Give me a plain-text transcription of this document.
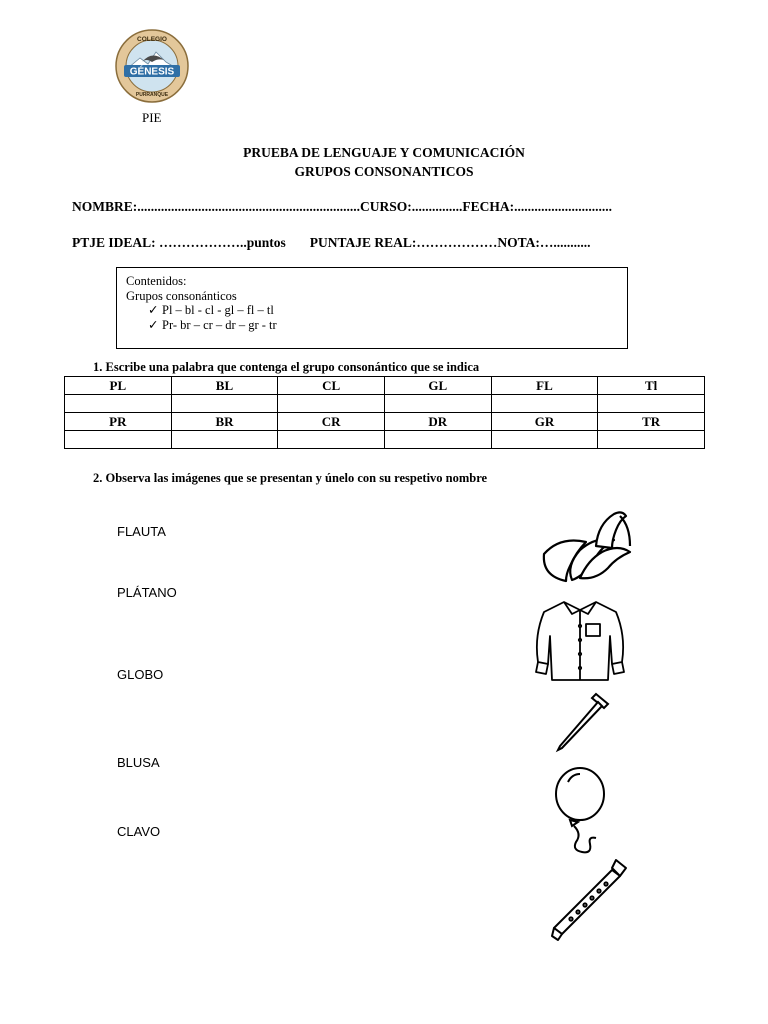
GÉNESIS
COLEGIO
PURRANQUE
PIE
PRUEBA DE LENGUAJE Y COMUNICACIÓN
GRUPOS CONSONANTICOS
NOMBRE:..................................................................CURSO:...............FECHA:.............................
PTJE IDEAL: ………………..puntos PUNTAJE REAL:………………NOTA:…...........
Contenidos:
Grupos consonánticos
✓ Pl – bl - cl - gl – fl – tl
✓ Pr- br – cr – dr – gr - tr
1. Escribe una palabra que contenga el grupo consonántico que se indica
PL	BL	CL	GL	FL	Tl

PR	BR	CR	DR	GR	TR

2. Observa las imágenes que se presentan y únelo con su respetivo nombre
FLAUTA
PLÁTANO
GLOBO
BLUSA
CLAVO
